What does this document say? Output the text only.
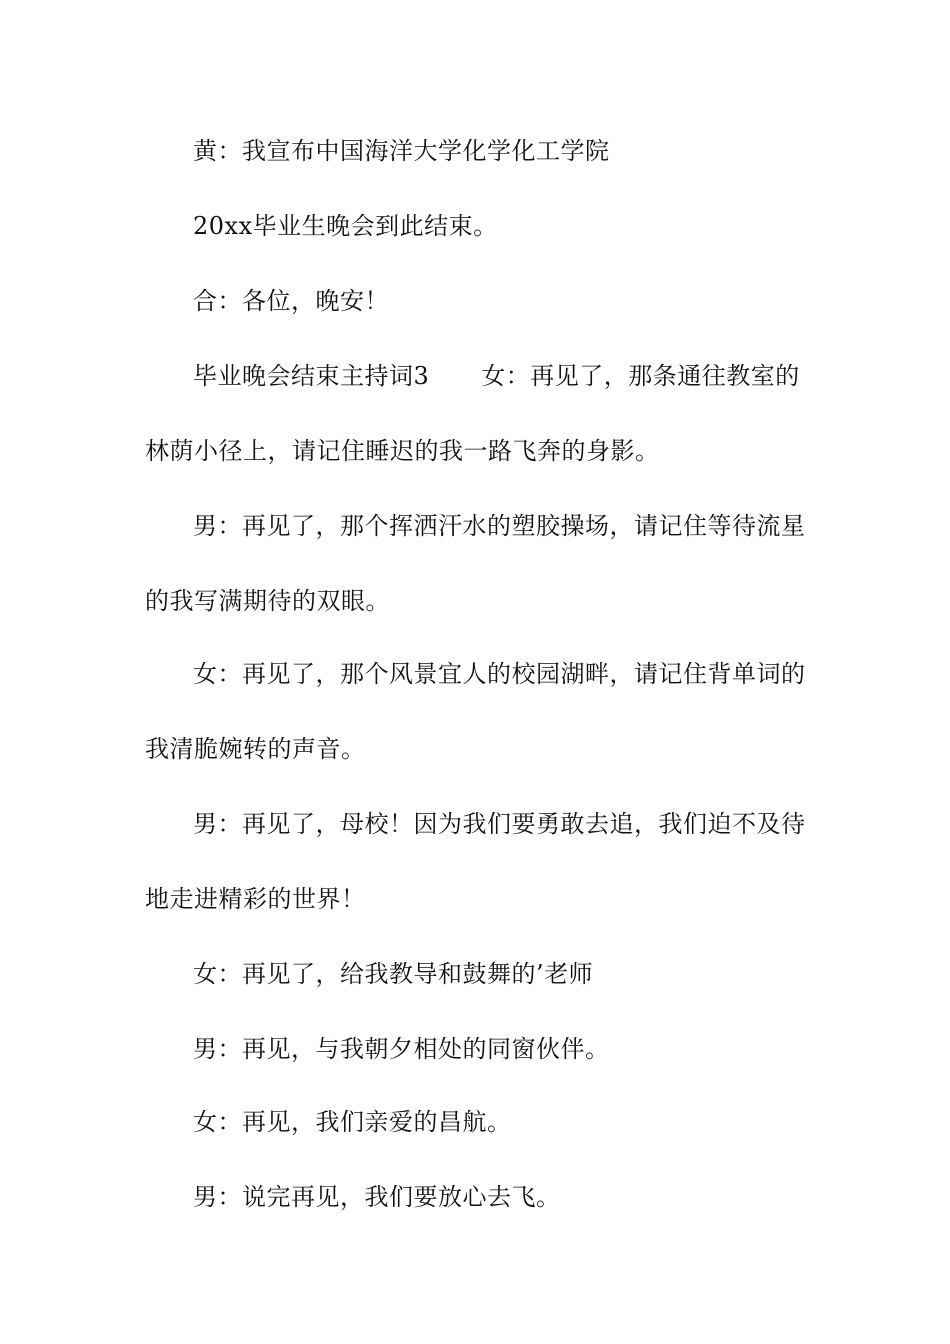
黄：我宣布中国海洋大学化学化工学院
20xx毕业生晚会到此结束。
合：各位，晚安！
毕业晚会结束主持词3 女：再见了，那条通往教室的
林荫小径上，请记住睡迟的我一路飞奔的身影。
男：再见了，那个挥洒汗水的塑胶操场，请记住等待流星
的我写满期待的双眼。
女：再见了，那个风景宜人的校园湖畔，请记住背单词的
我清脆婉转的声音。
男：再见了，母校！因为我们要勇敢去追，我们迫不及待
地走进精彩的世界！
女：再见了，给我教导和鼓舞的’老师
男：再见，与我朝夕相处的同窗伙伴。
女：再见，我们亲爱的昌航。
男：说完再见，我们要放心去飞。
